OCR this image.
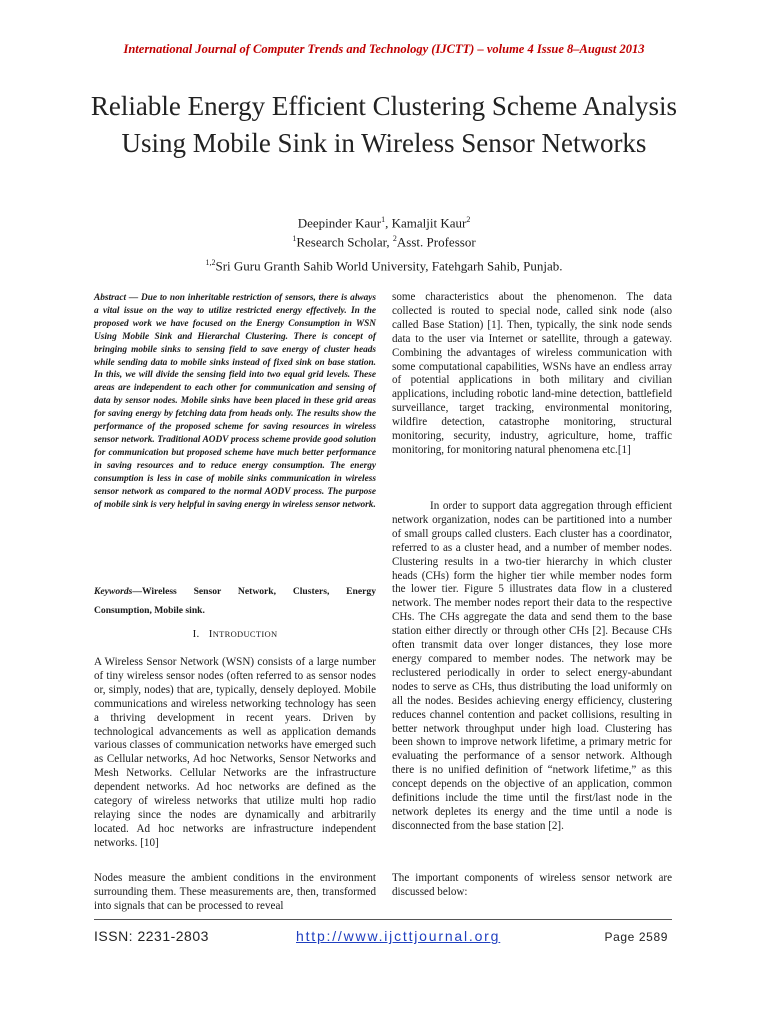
International Journal of Computer Trends and Technology (IJCTT) – volume 4 Issue 8–August 2013
Reliable Energy Efficient Clustering Scheme Analysis Using Mobile Sink in Wireless Sensor Networks
Deepinder Kaur$^1$, Kamaljit Kaur$^2$
$^1$Research Scholar, $^2$Asst. Professor
$^{1,2}$Sri Guru Granth Sahib World University, Fatehgarh Sahib, Punjab.
Abstract — Due to non inheritable restriction of sensors, there is always a vital issue on the way to utilize restricted energy effectively. In the proposed work we have focused on the Energy Consumption in WSN Using Mobile Sink and Hierarchal Clustering. There is concept of bringing mobile sinks to sensing field to save energy of cluster heads while sending data to mobile sinks instead of fixed sink on base station. In this, we will divide the sensing field into two equal grid levels. These areas are independent to each other for communication and sensing of data by sensor nodes. Mobile sinks have been placed in these grid areas for saving energy by fetching data from heads only. The results show the performance of the proposed scheme for saving resources in wireless sensor network. Traditional AODV process scheme provide good solution for communication but proposed scheme have much better performance in saving resources and to reduce energy consumption. The energy consumption is less in case of mobile sinks communication in wireless sensor network as compared to the normal AODV process. The purpose of mobile sink is very helpful in saving energy in wireless sensor network.
Keywords—Wireless Sensor Network, Clusters, Energy Consumption, Mobile sink.
I. INTRODUCTION
A Wireless Sensor Network (WSN) consists of a large number of tiny wireless sensor nodes (often referred to as sensor nodes or, simply, nodes) that are, typically, densely deployed. Mobile communications and wireless networking technology has seen a thriving development in recent years. Driven by technological advancements as well as application demands various classes of communication networks have emerged such as Cellular networks, Ad hoc Networks, Sensor Networks and Mesh Networks. Cellular Networks are the infrastructure dependent networks. Ad hoc networks are defined as the category of wireless networks that utilize multi hop radio relaying since the nodes are dynamically and arbitrarily located. Ad hoc networks are infrastructure independent networks. [10]
Nodes measure the ambient conditions in the environment surrounding them. These measurements are, then, transformed into signals that can be processed to reveal
some characteristics about the phenomenon. The data collected is routed to special node, called sink node (also called Base Station) [1]. Then, typically, the sink node sends data to the user via Internet or satellite, through a gateway. Combining the advantages of wireless communication with some computational capabilities, WSNs have an endless array of potential applications in both military and civilian applications, including robotic land-mine detection, battlefield surveillance, target tracking, environmental monitoring, wildfire detection, catastrophe monitoring, structural monitoring, security, industry, agriculture, home, traffic monitoring, for monitoring natural phenomena etc.[1]
In order to support data aggregation through efficient network organization, nodes can be partitioned into a number of small groups called clusters. Each cluster has a coordinator, referred to as a cluster head, and a number of member nodes. Clustering results in a two-tier hierarchy in which cluster heads (CHs) form the higher tier while member nodes form the lower tier. Figure 5 illustrates data flow in a clustered network. The member nodes report their data to the respective CHs. The CHs aggregate the data and send them to the base station either directly or through other CHs [2]. Because CHs often transmit data over longer distances, they lose more energy compared to member nodes. The network may be reclustered periodically in order to select energy-abundant nodes to serve as CHs, thus distributing the load uniformly on all the nodes. Besides achieving energy efficiency, clustering reduces channel contention and packet collisions, resulting in better network throughput under high load. Clustering has been shown to improve network lifetime, a primary metric for evaluating the performance of a sensor network. Although there is no unified definition of “network lifetime,” as this concept depends on the objective of an application, common definitions include the time until the first/last node in the network depletes its energy and the time until a node is disconnected from the base station [2].
The important components of wireless sensor network are discussed below:
ISSN: 2231-2803	http://www.ijcttjournal.org	Page 2589
